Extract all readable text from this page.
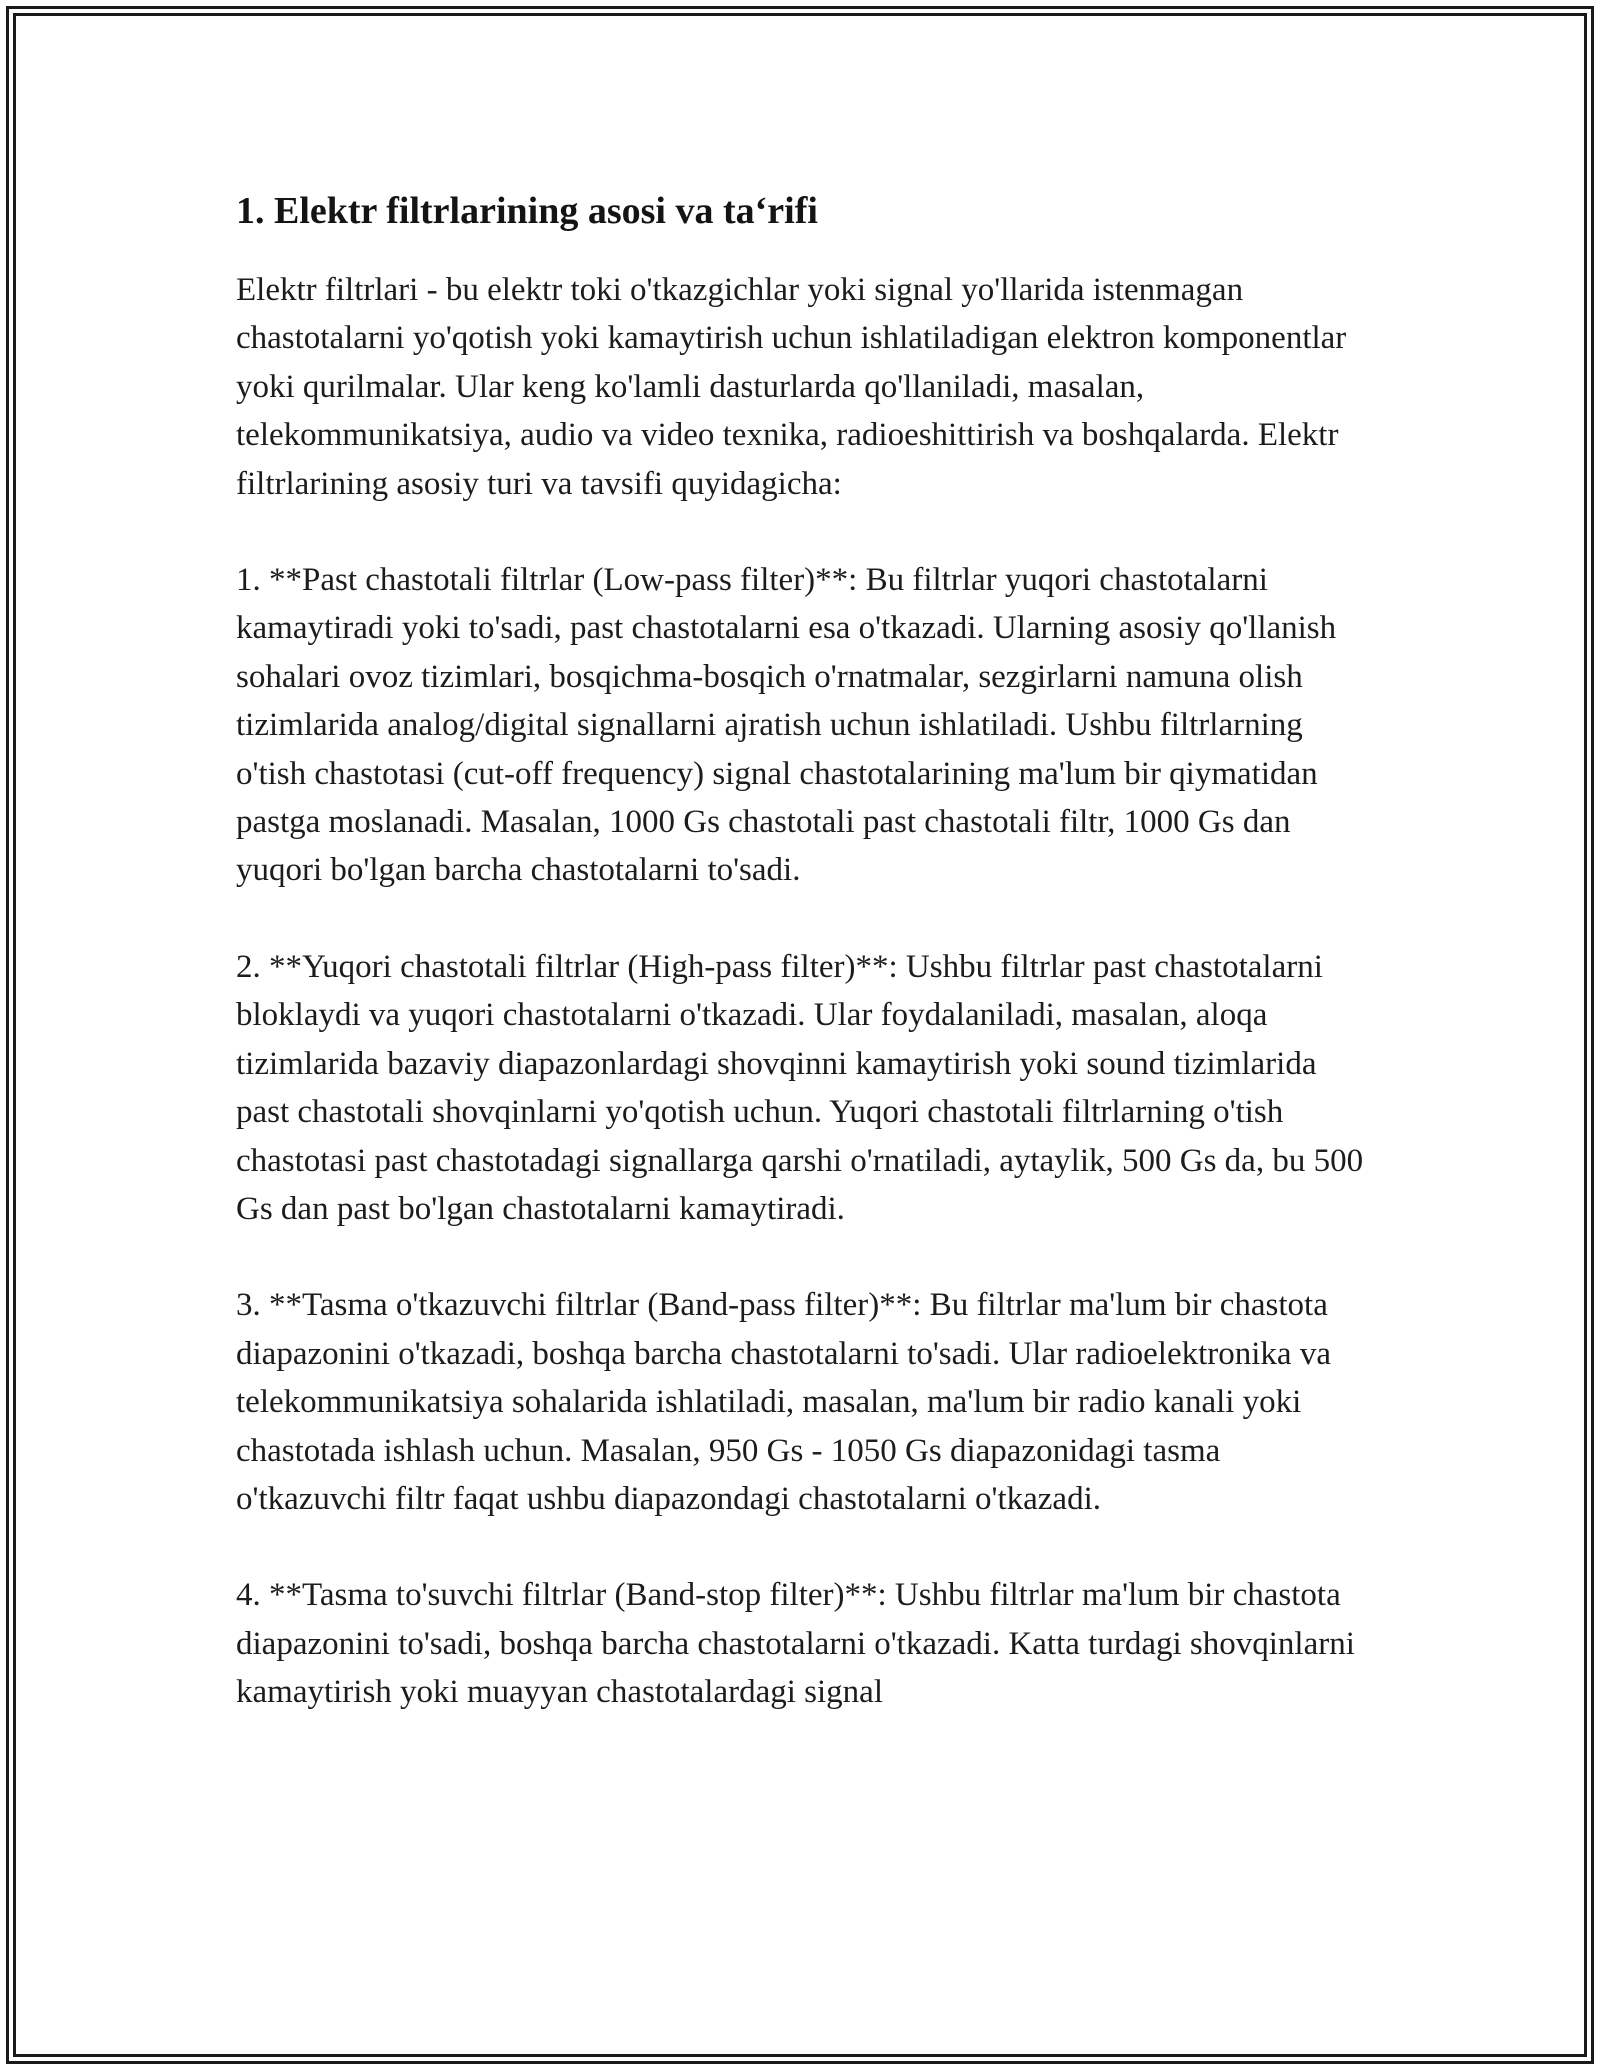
1. Elektr filtrlarining asosi va ta‘rifi

Elektr filtrlari - bu elektr toki o'tkazgichlar yoki signal yo'llarida istenmagan chastotalarni yo'qotish yoki kamaytirish uchun ishlatiladigan elektron komponentlar yoki qurilmalar. Ular keng ko'lamli dasturlarda qo'llaniladi, masalan, telekommunikatsiya, audio va video texnika, radioeshittirish va boshqalarda. Elektr filtrlarining asosiy turi va tavsifi quyidagicha:

1. **Past chastotali filtrlar (Low-pass filter)**: Bu filtrlar yuqori chastotalarni kamaytiradi yoki to'sadi, past chastotalarni esa o'tkazadi. Ularning asosiy qo'llanish sohalari ovoz tizimlari, bosqichma-bosqich o'rnatmalar, sezgirlarni namuna olish tizimlarida analog/digital signallarni ajratish uchun ishlatiladi. Ushbu filtrlarning o'tish chastotasi (cut-off frequency) signal chastotalarining ma'lum bir qiymatidan pastga moslanadi. Masalan, 1000 Gs chastotali past chastotali filtr, 1000 Gs dan yuqori bo'lgan barcha chastotalarni to'sadi.

2. **Yuqori chastotali filtrlar (High-pass filter)**: Ushbu filtrlar past chastotalarni bloklaydi va yuqori chastotalarni o'tkazadi. Ular foydalaniladi, masalan, aloqa tizimlarida bazaviy diapazonlardagi shovqinni kamaytirish yoki sound tizimlarida past chastotali shovqinlarni yo'qotish uchun. Yuqori chastotali filtrlarning o'tish chastotasi past chastotadagi signallarga qarshi o'rnatiladi, aytaylik, 500 Gs da, bu 500 Gs dan past bo'lgan chastotalarni kamaytiradi.

3. **Tasma o'tkazuvchi filtrlar (Band-pass filter)**: Bu filtrlar ma'lum bir chastota diapazonini o'tkazadi, boshqa barcha chastotalarni to'sadi. Ular radioelektronika va telekommunikatsiya sohalarida ishlatiladi, masalan, ma'lum bir radio kanali yoki chastotada ishlash uchun. Masalan, 950 Gs - 1050 Gs diapazonidagi tasma o'tkazuvchi filtr faqat ushbu diapazondagi chastotalarni o'tkazadi.

4. **Tasma to'suvchi filtrlar (Band-stop filter)**: Ushbu filtrlar ma'lum bir chastota diapazonini to'sadi, boshqa barcha chastotalarni o'tkazadi. Katta turdagi shovqinlarni kamaytirish yoki muayyan chastotalardagi signal
